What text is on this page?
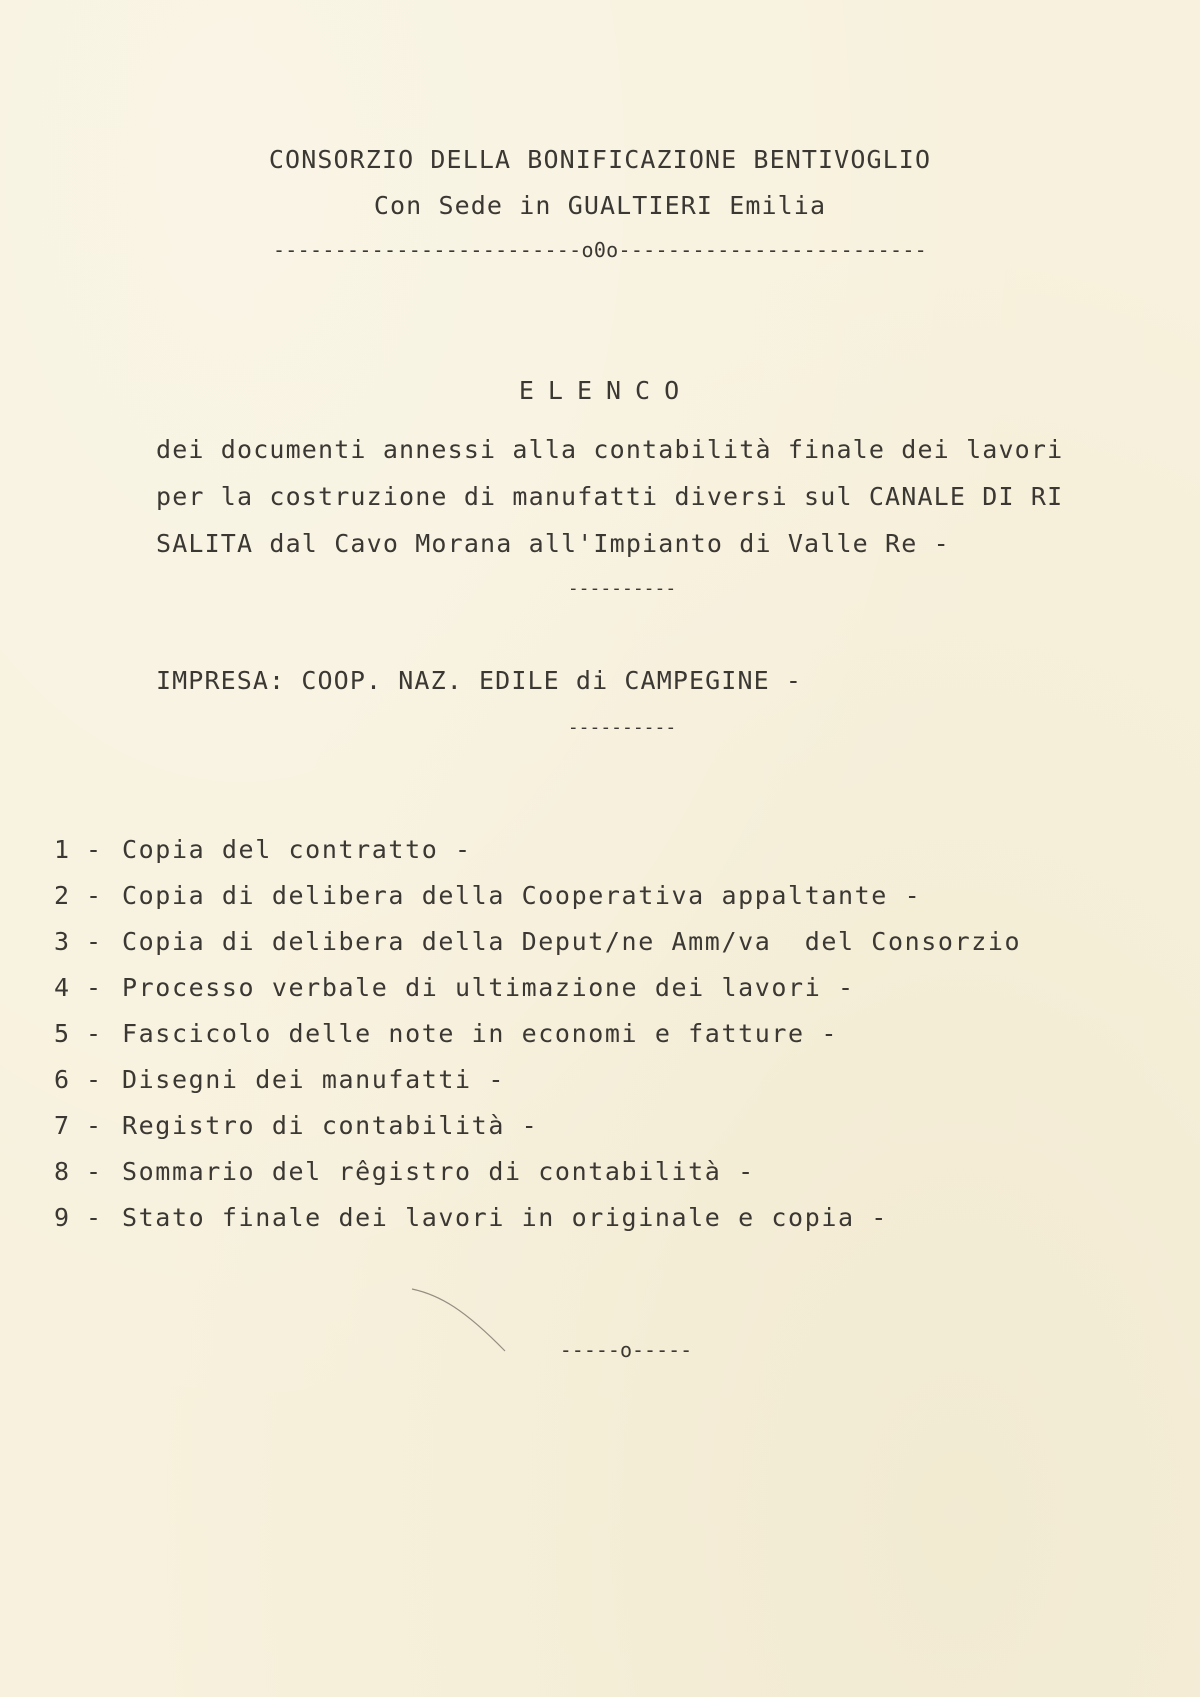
CONSORZIO DELLA BONIFICAZIONE BENTIVOGLIO
Con Sede in GUALTIERI Emilia
-------------------------o0o-------------------------
ELENCO
dei documenti annessi alla contabilità finale dei lavori
per la costruzione di manufatti diversi sul CANALE DI RI
SALITA dal Cavo Morana all'Impianto di Valle Re -
----------
IMPRESA: COOP. NAZ. EDILE di CAMPEGINE -
----------
1 - Copia del contratto -
2 - Copia di delibera della Cooperativa appaltante -
3 - Copia di delibera della Deput/ne Amm/va  del Consorzio
4 - Processo verbale di ultimazione dei lavori -
5 - Fascicolo delle note in economi e fatture -
6 - Disegni dei manufatti -
7 - Registro di contabilità -
8 - Sommario del rêgistro di contabilità -
9 - Stato finale dei lavori in originale e copia -
-----o-----
